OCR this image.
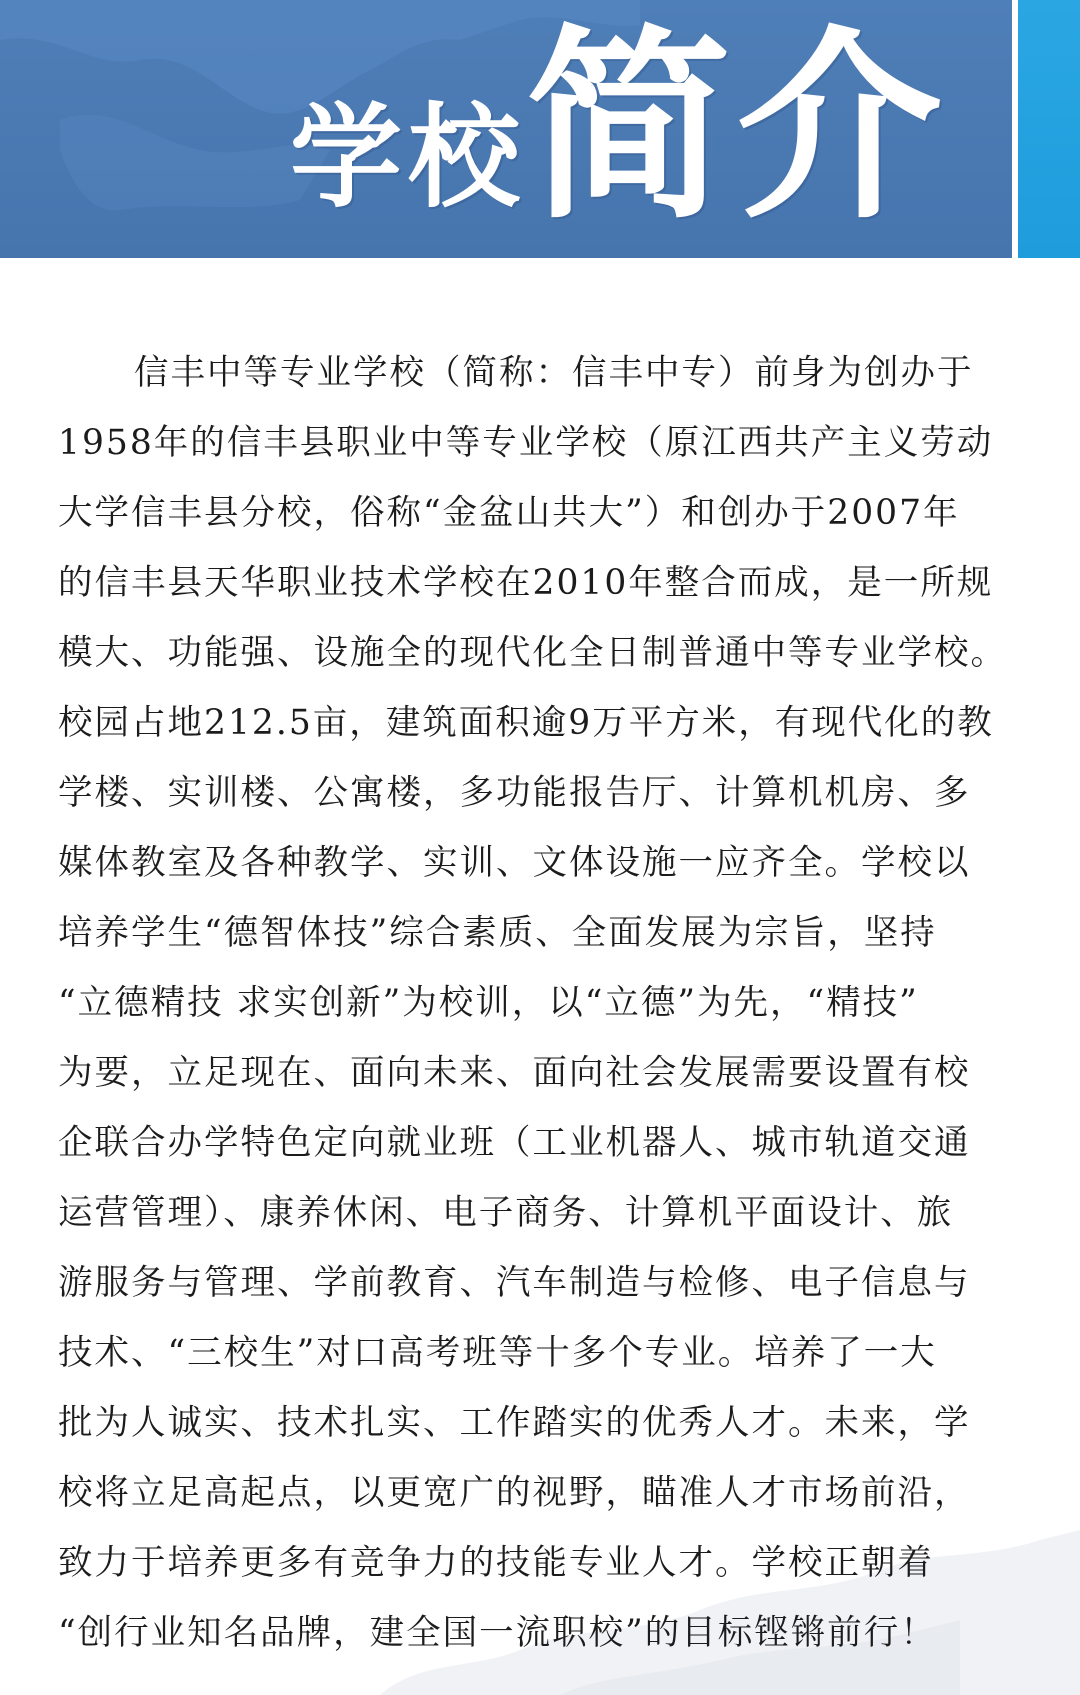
学校 简介
信丰中等专业学校（简称：信丰中专）前身为创办于
1958年的信丰县职业中等专业学校（原江西共产主义劳动
大学信丰县分校，俗称“金盆山共大”）和创办于2007年
的信丰县天华职业技术学校在2010年整合而成，是一所规
模大、功能强、设施全的现代化全日制普通中等专业学校。
校园占地212.5亩，建筑面积逾9万平方米，有现代化的教
学楼、实训楼、公寓楼，多功能报告厅、计算机机房、多
媒体教室及各种教学、实训、文体设施一应齐全。学校以
培养学生“德智体技”综合素质、全面发展为宗旨，坚持
“立德精技 求实创新”为校训，以“立德”为先，“精技”
为要，立足现在、面向未来、面向社会发展需要设置有校
企联合办学特色定向就业班（工业机器人、城市轨道交通
运营管理）、康养休闲、电子商务、计算机平面设计、旅
游服务与管理、学前教育、汽车制造与检修、电子信息与
技术、“三校生”对口高考班等十多个专业。培养了一大
批为人诚实、技术扎实、工作踏实的优秀人才。未来，学
校将立足高起点，以更宽广的视野，瞄准人才市场前沿，
致力于培养更多有竞争力的技能专业人才。学校正朝着
“创行业知名品牌，建全国一流职校”的目标铿锵前行！
